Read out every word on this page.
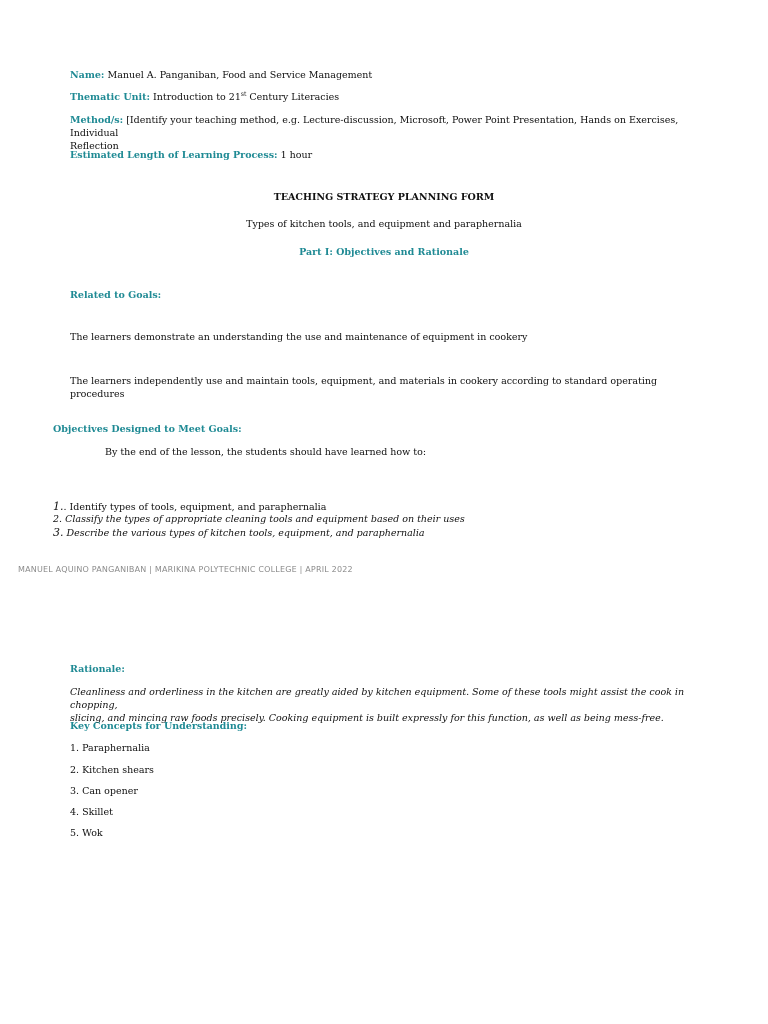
Name: Manuel A. Panganiban, Food and Service Management

Thematic Unit: Introduction to 21st Century Literacies

Method/s: [Identify your teaching method, e.g. Lecture-discussion, Microsoft, Power Point Presentation, Hands on Exercises, Individual
Reflection

Estimated Length of Learning Process: 1 hour

TEACHING STRATEGY PLANNING FORM

Types of kitchen tools, and equipment and paraphernalia

Part I: Objectives and Rationale

Related to Goals:

The learners demonstrate an understanding the use and maintenance of equipment in cookery

The learners independently use and maintain tools, equipment, and materials in cookery according to standard operating
procedures

Objectives Designed to Meet Goals:

By the end of the lesson, the students should have learned how to:

1.. Identify types of tools, equipment, and paraphernalia

2. Classify the types of appropriate cleaning tools and equipment based on their uses

3. Describe the various types of kitchen tools, equipment, and paraphernalia

MANUEL AQUINO PANGANIBAN | MARIKINA POLYTECHNIC COLLEGE | APRIL 2022

Rationale:

Cleanliness and orderliness in the kitchen are greatly aided by kitchen equipment. Some of these tools might assist the cook in chopping,
slicing, and mincing raw foods precisely. Cooking equipment is built expressly for this function, as well as being mess-free.

Key Concepts for Understanding:

1. Paraphernalia

2. Kitchen shears

3. Can opener

4. Skillet

5. Wok
